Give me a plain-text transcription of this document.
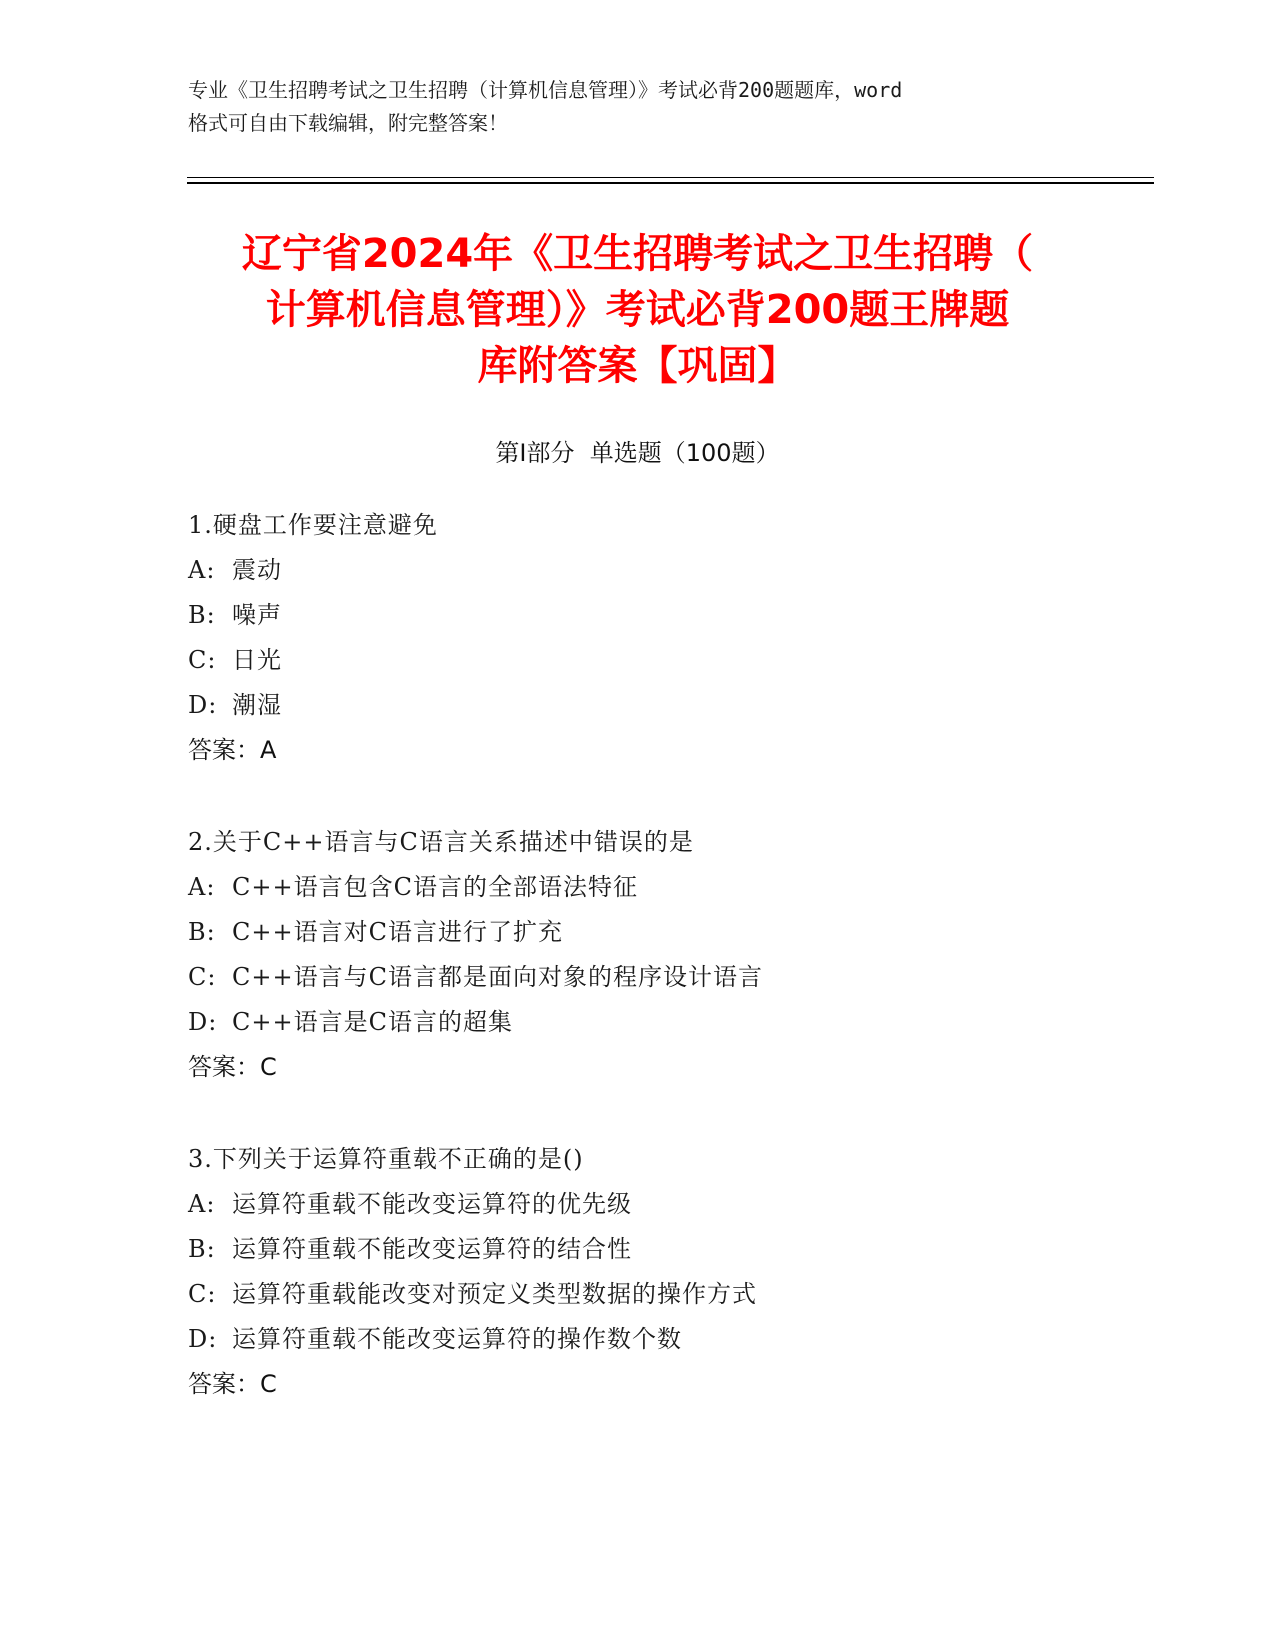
专业《卫生招聘考试之卫生招聘（计算机信息管理）》考试必背200题题库，word
格式可自由下载编辑，附完整答案！
辽宁省2024年《卫生招聘考试之卫生招聘（
计算机信息管理）》考试必背200题王牌题
库附答案【巩固】
第Ⅰ部分  单选题（100题）
1.硬盘工作要注意避免
A: 震动
B: 噪声
C: 日光
D: 潮湿
答案：A
2.关于C++语言与C语言关系描述中错误的是
A: C++语言包含C语言的全部语法特征
B: C++语言对C语言进行了扩充
C: C++语言与C语言都是面向对象的程序设计语言
D: C++语言是C语言的超集
答案：C
3.下列关于运算符重载不正确的是()
A: 运算符重载不能改变运算符的优先级
B: 运算符重载不能改变运算符的结合性
C: 运算符重载能改变对预定义类型数据的操作方式
D: 运算符重载不能改变运算符的操作数个数
答案：C
